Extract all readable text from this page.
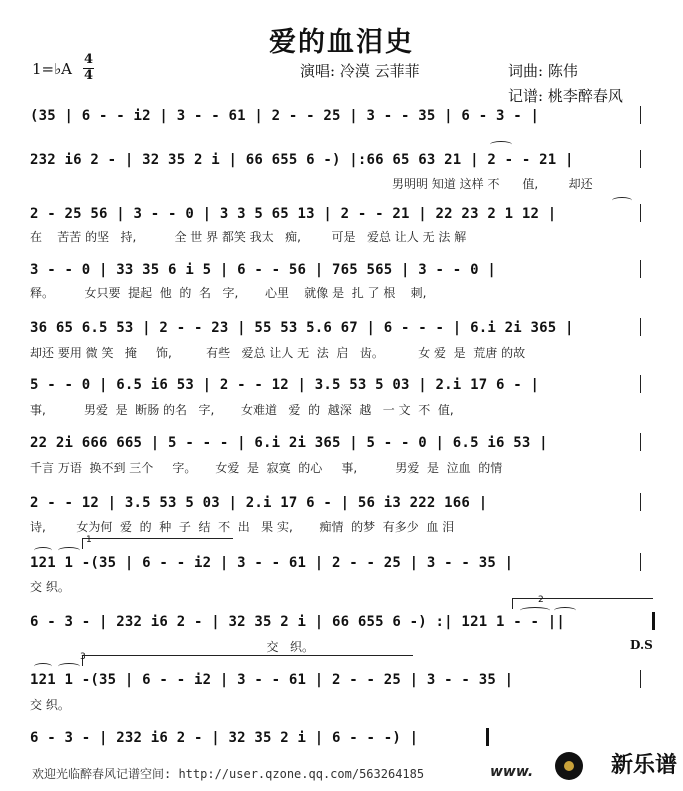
爱的血泪史
1=♭A
4
4	演唱: 冷漠 云菲菲	词曲: 陈伟
记谱: 桃李醉春风
(35 | 6 - - i2 | 3 - - 61 | 2 - - 25 | 3 - - 35 | 6 - 3 - |
232 i6 2 - | 32 35 2 i | 66 655 6 -) |:66 65 63 21 | 2 - - 21 |
男明明 知道 这样 不      值,        却还
2 - 25 56 | 3 - - 0 | 3 3 5 65 13 | 2 - - 21 | 22 23 2 1 12 |
在    苦苦 的坚   持,          全 世 界 都笑 我太   痴,        可是   爱总 让人 无 法 解
3 - - 0 | 33 35 6 i 5 | 6 - - 56 | 765 565 | 3 - - 0 |
释。        女只要  提起  他  的  名   字,       心里    就像 是  扎 了 根    刺,
36 65 6.5 53 | 2 - - 23 | 55 53 5.6 67 | 6 - - - | 6.i 2i 365 |
却还 要用 微 笑   掩     饰,         有些   爱总 让人 无  法  启   齿。         女 爱  是  荒唐 的故
5 - - 0 | 6.5 i6 53 | 2 - - 12 | 3.5 53 5 03 | 2.i 17 6 - |
事,          男爱  是  断肠 的名   字,       女难道   爱  的  越深  越   一 文  不  值,
22 2i 666 665 | 5 - - - | 6.i 2i 365 | 5 - - 0 | 6.5 i6 53 |
千言 万语  换不到 三个     字。     女爱  是  寂寞  的心     事,          男爱  是  泣血  的情
2 - - 12 | 3.5 53 5 03 | 2.i 17 6 - | 56 i3 222 166 |
诗,        女为何  爱  的  种  子  结  不  出   果 实,       痴情  的梦  有多少  血 泪
121 1 -(35 | 6 - - i2 | 3 - - 61 | 2 - - 25 | 3 - - 35 |
交 织。
6 - 3 - | 232 i6 2 - | 32 35 2 i | 66 655 6 -) :| 121 1 - - ||
交   织。
121 1 -(35 | 6 - - i2 | 3 - - 61 | 2 - - 25 | 3 - - 35 |
交 织。
6 - 3 - | 232 i6 2 - | 32 35 2 i | 6 - - -) |
1
2
D.S
3
欢迎光临醉春风记谱空间: http://user.qzone.qq.com/563264185	www.	新乐谱
